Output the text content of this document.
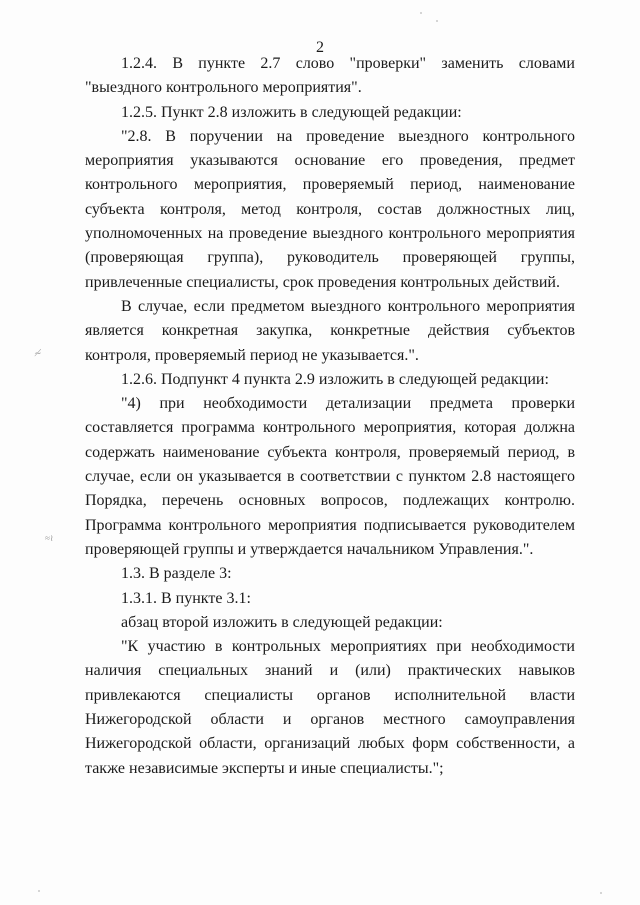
2

1.2.4. В пункте 2.7 слово "проверки" заменить словами "выездного контрольного мероприятия".

1.2.5. Пункт 2.8 изложить в следующей редакции:

"2.8. В поручении на проведение выездного контрольного мероприятия указываются основание его проведения, предмет контрольного мероприятия, проверяемый период, наименование субъекта контроля, метод контроля, состав должностных лиц, уполномоченных на проведение выездного контрольного мероприятия (проверяющая группа), руководитель проверяющей группы, привлеченные специалисты, срок проведения контрольных действий.

В случае, если предметом выездного контрольного мероприятия является конкретная закупка, конкретные действия субъектов контроля, проверяемый период не указывается.".

1.2.6. Подпункт 4 пункта 2.9 изложить в следующей редакции:

"4) при необходимости детализации предмета проверки составляется программа контрольного мероприятия, которая должна содержать наименование субъекта контроля, проверяемый период, в случае, если он указывается в соответствии с пунктом 2.8 настоящего Порядка, перечень основных вопросов, подлежащих контролю. Программа контрольного мероприятия подписывается руководителем проверяющей группы и утверждается начальником Управления.".

1.3. В разделе 3:

1.3.1. В пункте 3.1:

абзац второй изложить в следующей редакции:

"К участию в контрольных мероприятиях при необходимости наличия специальных знаний и (или) практических навыков привлекаются специалисты органов исполнительной власти Нижегородской области и органов местного самоуправления Нижегородской области, организаций любых форм собственности, а также независимые эксперты и иные специалисты.";

≁
≈≀
